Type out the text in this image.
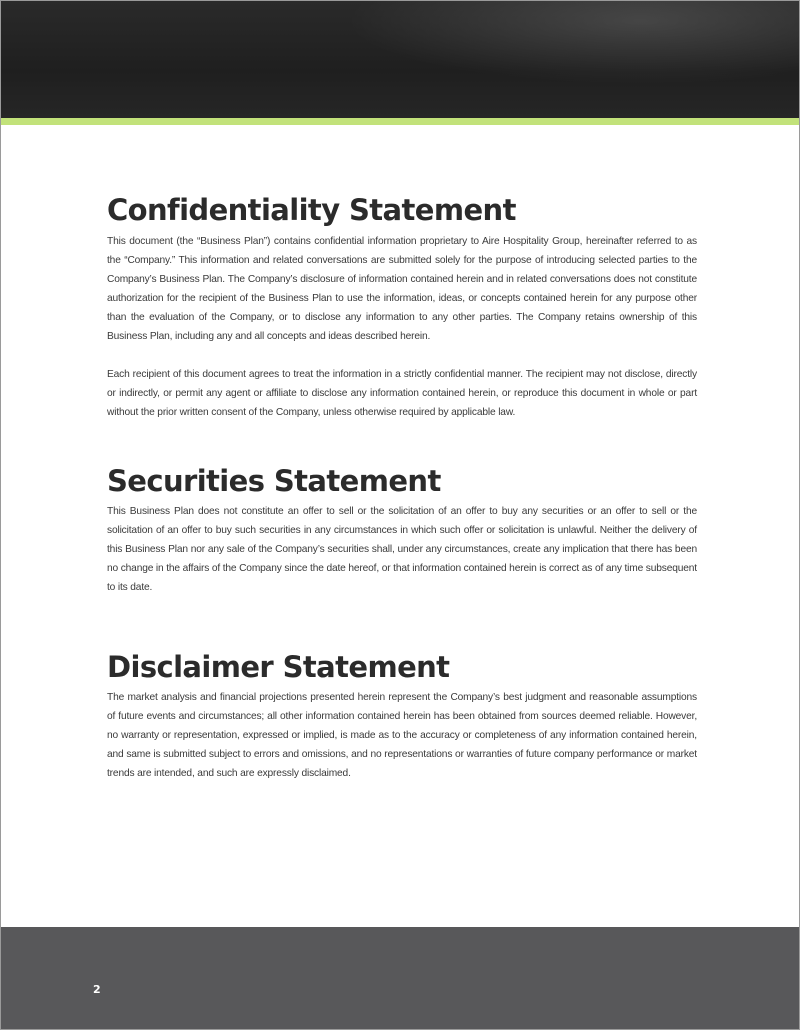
Confidentiality Statement

This document (the “Business Plan”) contains confidential information proprietary to Aire Hospitality Group, hereinafter referred to as the “Company.” This information and related conversations are submitted solely for the purpose of introducing selected parties to the Company’s Business Plan. The Company’s disclosure of information contained herein and in related conversations does not constitute authorization for the recipient of the Business Plan to use the information, ideas, or concepts contained herein for any purpose other than the evaluation of the Company, or to disclose any information to any other parties. The Company retains ownership of this Business Plan, including any and all concepts and ideas described herein.

Each recipient of this document agrees to treat the information in a strictly confidential manner. The recipient may not disclose, directly or indirectly, or permit any agent or affiliate to disclose any information contained herein, or reproduce this document in whole or part without the prior written consent of the Company, unless otherwise required by applicable law.

Securities Statement

This Business Plan does not constitute an offer to sell or the solicitation of an offer to buy any securities or an offer to sell or the solicitation of an offer to buy such securities in any circumstances in which such offer or solicitation is unlawful. Neither the delivery of this Business Plan nor any sale of the Company’s securities shall, under any circumstances, create any implication that there has been no change in the affairs of the Company since the date hereof, or that information contained herein is correct as of any time subsequent to its date.

Disclaimer Statement

The market analysis and financial projections presented herein represent the Company’s best judgment and reasonable assumptions of future events and circumstances; all other information contained herein has been obtained from sources deemed reliable. However, no warranty or representation, expressed or implied, is made as to the accuracy or completeness of any information contained herein, and same is submitted subject to errors and omissions, and no representations or warranties of future company performance or market trends are intended, and such are expressly disclaimed.

2
